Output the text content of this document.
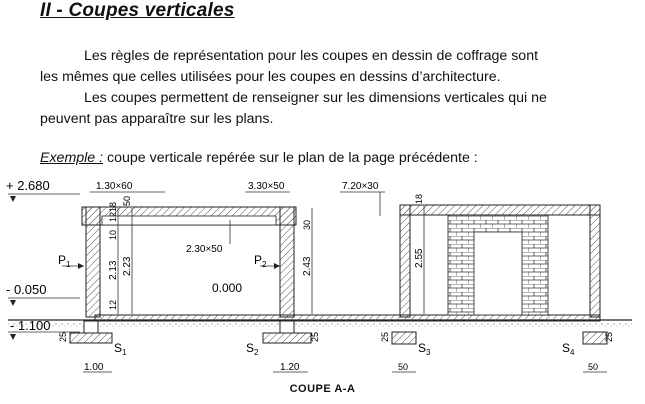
II - Coupes verticales
Les règles de représentation pour les coupes en dessin de coffrage sont
les mêmes que celles utilisées pour les coupes en dessins d’architecture.
Les coupes permettent de renseigner sur les dimensions verticales qui ne
peuvent pas apparaître sur les plans.
Exemple : coupe verticale repérée sur le plan de la page précédente :
+ 2.680
- 0.050
- 1.100
1.30×60	3.30×50	7.20×30
2.30×50
0.000
$P_1$	$P_2$
$S_1$	$S_2$	$S_3$	$S_4$
18
50
10
12
2.13 2.23
12
30
2.43
18
2.55
25	25	25	25
1.00	1.20	50	50
COUPE A-A
